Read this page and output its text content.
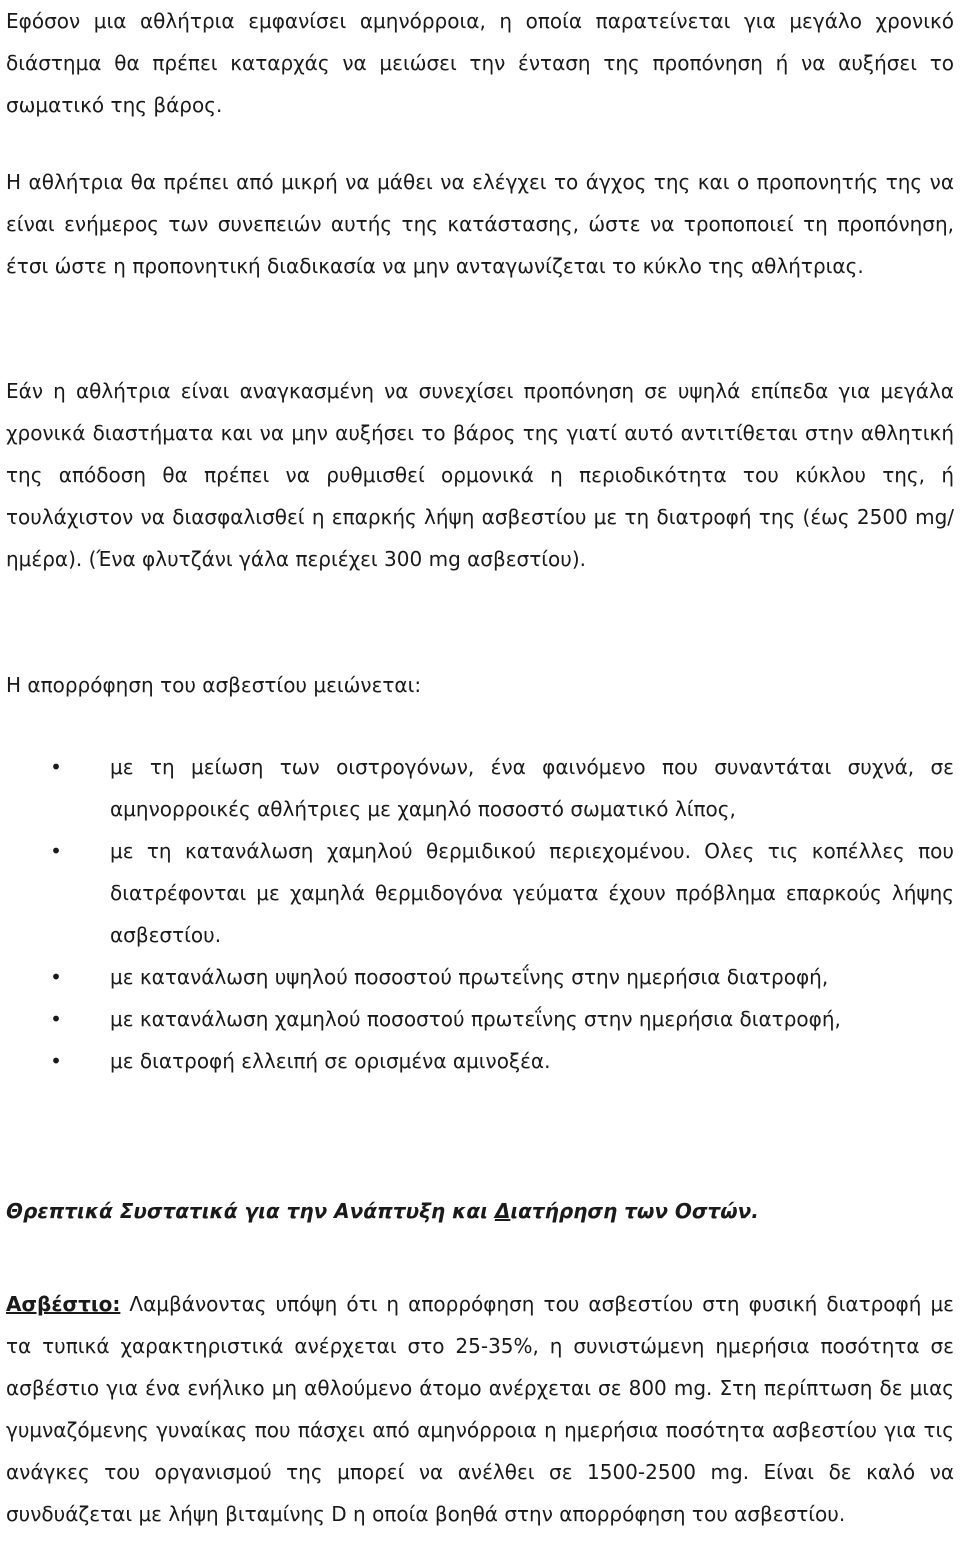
Εφόσον μια αθλήτρια εμφανίσει αμηνόρροια, η οποία παρατείνεται για μεγάλο χρονικό διάστημα θα πρέπει καταρχάς να μειώσει την ένταση της προπόνηση ή να αυξήσει το σωματικό της βάρος.

Η αθλήτρια θα πρέπει από μικρή να μάθει να ελέγχει το άγχος της και ο προπονητής της να είναι ενήμερος των συνεπειών αυτής της κατάστασης, ώστε να τροποποιεί τη προπόνηση, έτσι ώστε η προπονητική διαδικασία να μην ανταγωνίζεται το κύκλο της αθλήτριας.

Εάν η αθλήτρια είναι αναγκασμένη να συνεχίσει προπόνηση σε υψηλά επίπεδα για μεγάλα χρονικά διαστήματα και να μην αυξήσει το βάρος της γιατί αυτό αντιτίθεται στην αθλητική της απόδοση θα πρέπει να ρυθμισθεί ορμονικά η περιοδικότητα του κύκλου της, ή τουλάχιστον να διασφαλισθεί η επαρκής λήψη ασβεστίου με τη διατροφή της (έως 2500 mg/ημέρα). (Ένα φλυτζάνι γάλα περιέχει 300 mg ασβεστίου).

Η απορρόφηση του ασβεστίου μειώνεται:

• με τη μείωση των οιστρογόνων, ένα φαινόμενο που συναντάται συχνά, σε αμηνορροικές αθλήτριες με χαμηλό ποσοστό σωματικό λίπος,
• με τη κατανάλωση χαμηλού θερμιδικού περιεχομένου. Ολες τις κοπέλλες που διατρέφονται με χαμηλά θερμιδογόνα γεύματα έχουν πρόβλημα επαρκούς λήψης ασβεστίου.
• με κατανάλωση υψηλού ποσοστού πρωτεΐνης στην ημερήσια διατροφή,
• με κατανάλωση χαμηλού ποσοστού πρωτεΐνης στην ημερήσια διατροφή,
• με διατροφή ελλειπή σε ορισμένα αμινοξέα.
Θρεπτικά Συστατικά για την Ανάπτυξη και Διατήρηση των Οστών.

Ασβέστιο: Λαμβάνοντας υπόψη ότι η απορρόφηση του ασβεστίου στη φυσική διατροφή με τα τυπικά χαρακτηριστικά ανέρχεται στο 25-35%, η συνιστώμενη ημερήσια ποσότητα σε ασβέστιο για ένα ενήλικο μη αθλούμενο άτομο ανέρχεται σε 800 mg. Στη περίπτωση δε μιας γυμναζόμενης γυναίκας που πάσχει από αμηνόρροια η ημερήσια ποσότητα ασβεστίου για τις ανάγκες του οργανισμού της μπορεί να ανέλθει σε 1500-2500 mg. Είναι δε καλό να συνδυάζεται με λήψη βιταμίνης D η οποία βοηθά στην απορρόφηση του ασβεστίου.
